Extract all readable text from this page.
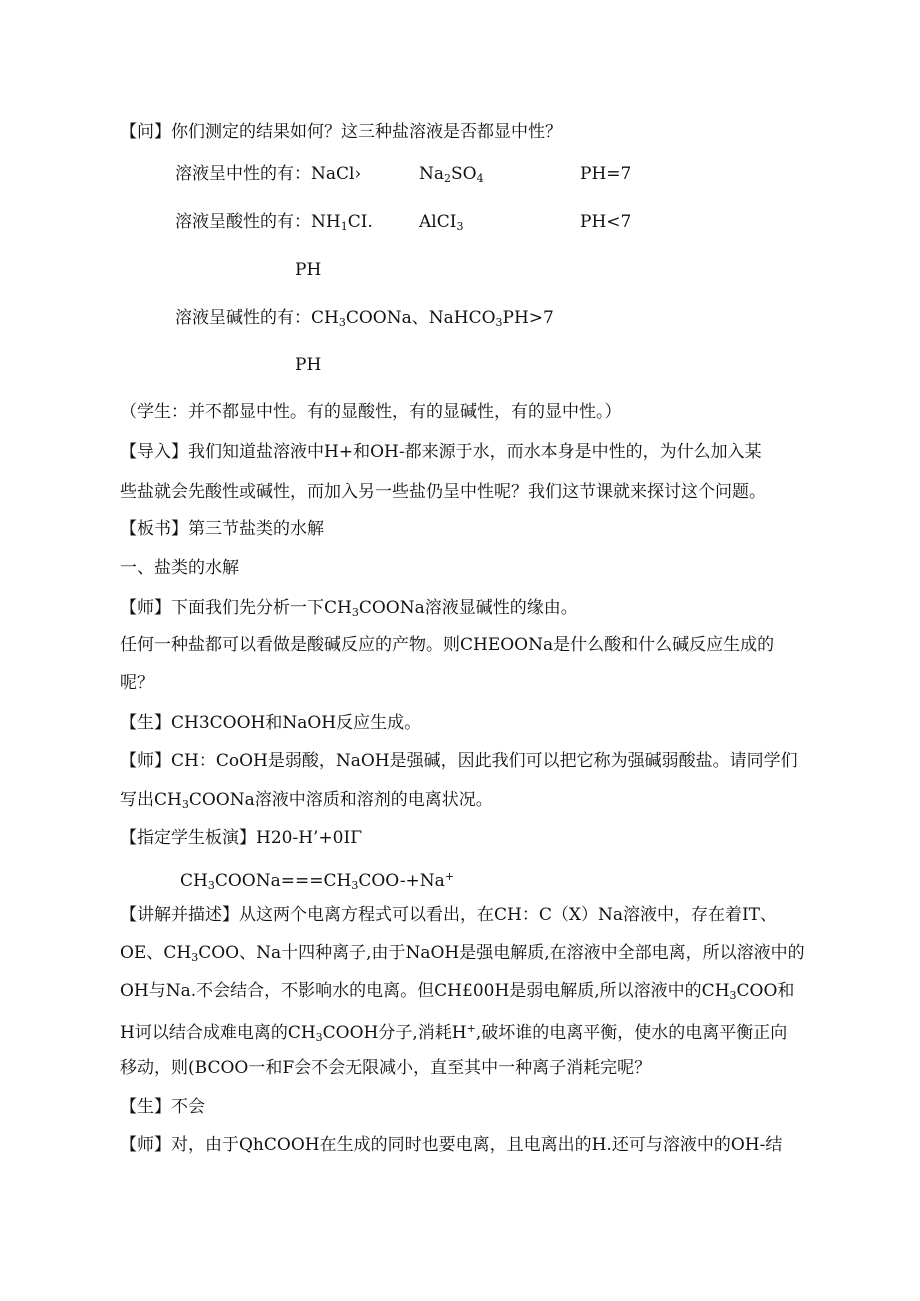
【问】你们测定的结果如何？这三种盐溶液是否都显中性？
溶液呈中性的有：NaCl›	$Na_2SO_4$	PH=7
溶液呈酸性的有：$NH_1CI$.	AlCI$_3$	PH<7
PH
溶液呈碱性的有：$CH_3COONa$、NaHCO$_3$PH>7
PH
（学生：并不都显中性。有的显酸性，有的显碱性，有的显中性。）
【导入】我们知道盐溶液中H+和OH-都来源于水，而水本身是中性的，为什么加入某
些盐就会先酸性或碱性，而加入另一些盐仍呈中性呢？我们这节课就来探讨这个问题。
【板书】第三节盐类的水解
一、盐类的水解
【师】下面我们先分析一下$CH_3COONa$溶液显碱性的缘由。
任何一种盐都可以看做是酸碱反应的产物。则CHEOONa是什么酸和什么碱反应生成的
呢？
【生】CH3COOH和NaOH反应生成。
【师】CH：CoOH是弱酸，NaOH是强碱，因此我们可以把它称为强碱弱酸盐。请同学们
写出$CH_3COONa$溶液中溶质和溶剂的电离状况。
【指定学生板演】H20-H’+0IΓ
$CH_3COONa===CH_3COO-+Na^+$
【讲解并描述】从这两个电离方程式可以看出，在CH：C（X）Na溶液中，存在着IT、
OE、$CH_3COO$、Na十四种离子,由于NaOH是强电解质,在溶液中全部电离，所以溶液中的
OH与Na.不会结合，不影响水的电离。但CH£00H是弱电解质,所以溶液中的$CH_3COO$和
H诃以结合成难电离的$CH_3COOH$分子,消耗H+,破坏谁的电离平衡，使水的电离平衡正向
移动，则(BCOO一和F会不会无限减小，直至其中一种离子消耗完呢？
【生】不会
【师】对，由于QhCOOH在生成的同时也要电离，且电离出的H.还可与溶液中的OH-结
